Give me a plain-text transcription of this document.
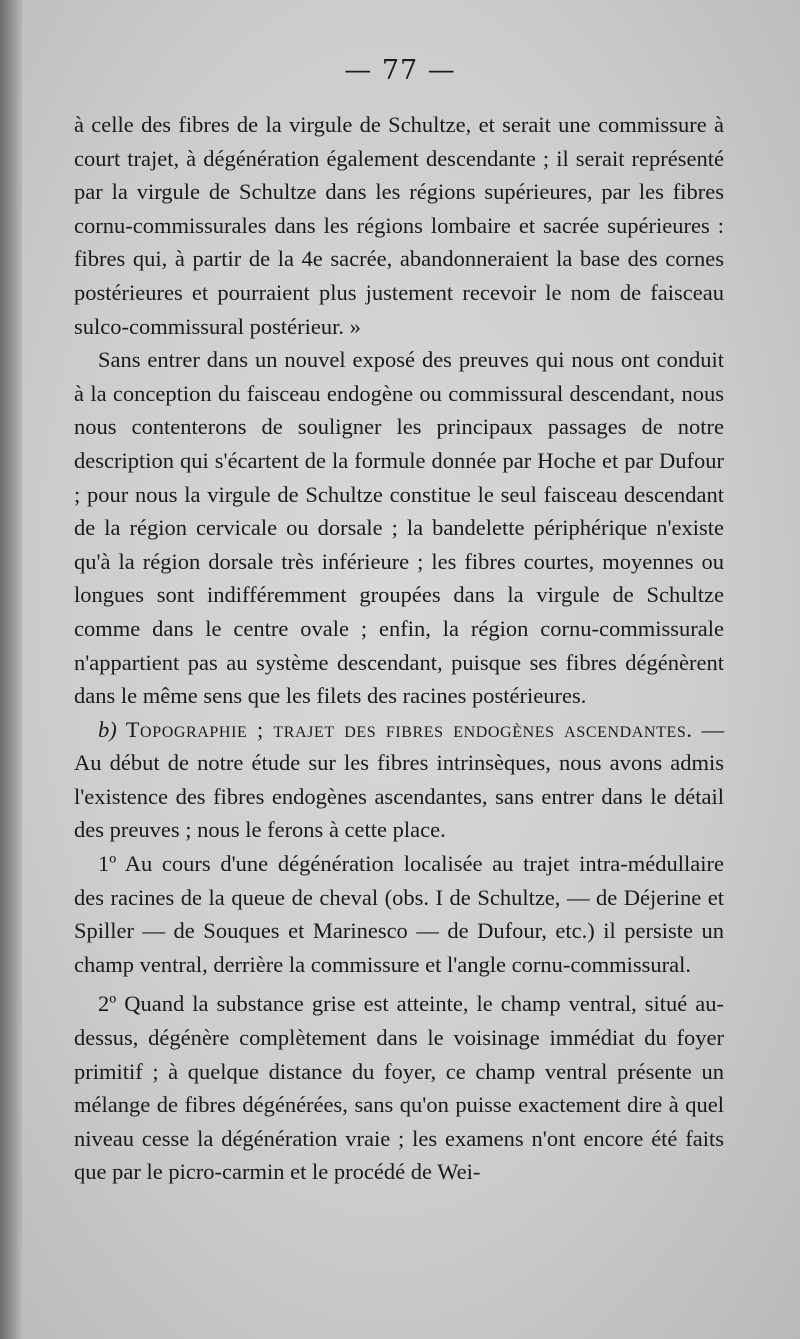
— 77 —

à celle des fibres de la virgule de Schultze, et serait une commissure à court trajet, à dégénération également descendante ; il serait représenté par la virgule de Schultze dans les régions supérieures, par les fibres cornu-commissurales dans les régions lombaire et sacrée supérieures : fibres qui, à partir de la 4e sacrée, abandonneraient la base des cornes postérieures et pourraient plus justement recevoir le nom de faisceau sulco-commissural postérieur. »

Sans entrer dans un nouvel exposé des preuves qui nous ont conduit à la conception du faisceau endogène ou commissural descendant, nous nous contenterons de souligner les principaux passages de notre description qui s'écartent de la formule donnée par Hoche et par Dufour ; pour nous la virgule de Schultze constitue le seul faisceau descendant de la région cervicale ou dorsale ; la bandelette périphérique n'existe qu'à la région dorsale très inférieure ; les fibres courtes, moyennes ou longues sont indifféremment groupées dans la virgule de Schultze comme dans le centre ovale ; enfin, la région cornu-commissurale n'appartient pas au système descendant, puisque ses fibres dégénèrent dans le même sens que les filets des racines postérieures.

b) Topographie ; trajet des fibres endogènes ascendantes. — Au début de notre étude sur les fibres intrinsèques, nous avons admis l'existence des fibres endogènes ascendantes, sans entrer dans le détail des preuves ; nous le ferons à cette place.

1º Au cours d'une dégénération localisée au trajet intra-médullaire des racines de la queue de cheval (obs. I de Schultze, — de Déjerine et Spiller — de Souques et Marinesco — de Dufour, etc.) il persiste un champ ventral, derrière la commissure et l'angle cornu-commissural.

2º Quand la substance grise est atteinte, le champ ventral, situé au-dessus, dégénère complètement dans le voisinage immédiat du foyer primitif ; à quelque distance du foyer, ce champ ventral présente un mélange de fibres dégénérées, sans qu'on puisse exactement dire à quel niveau cesse la dégénération vraie ; les examens n'ont encore été faits que par le picro-carmin et le procédé de Wei-
